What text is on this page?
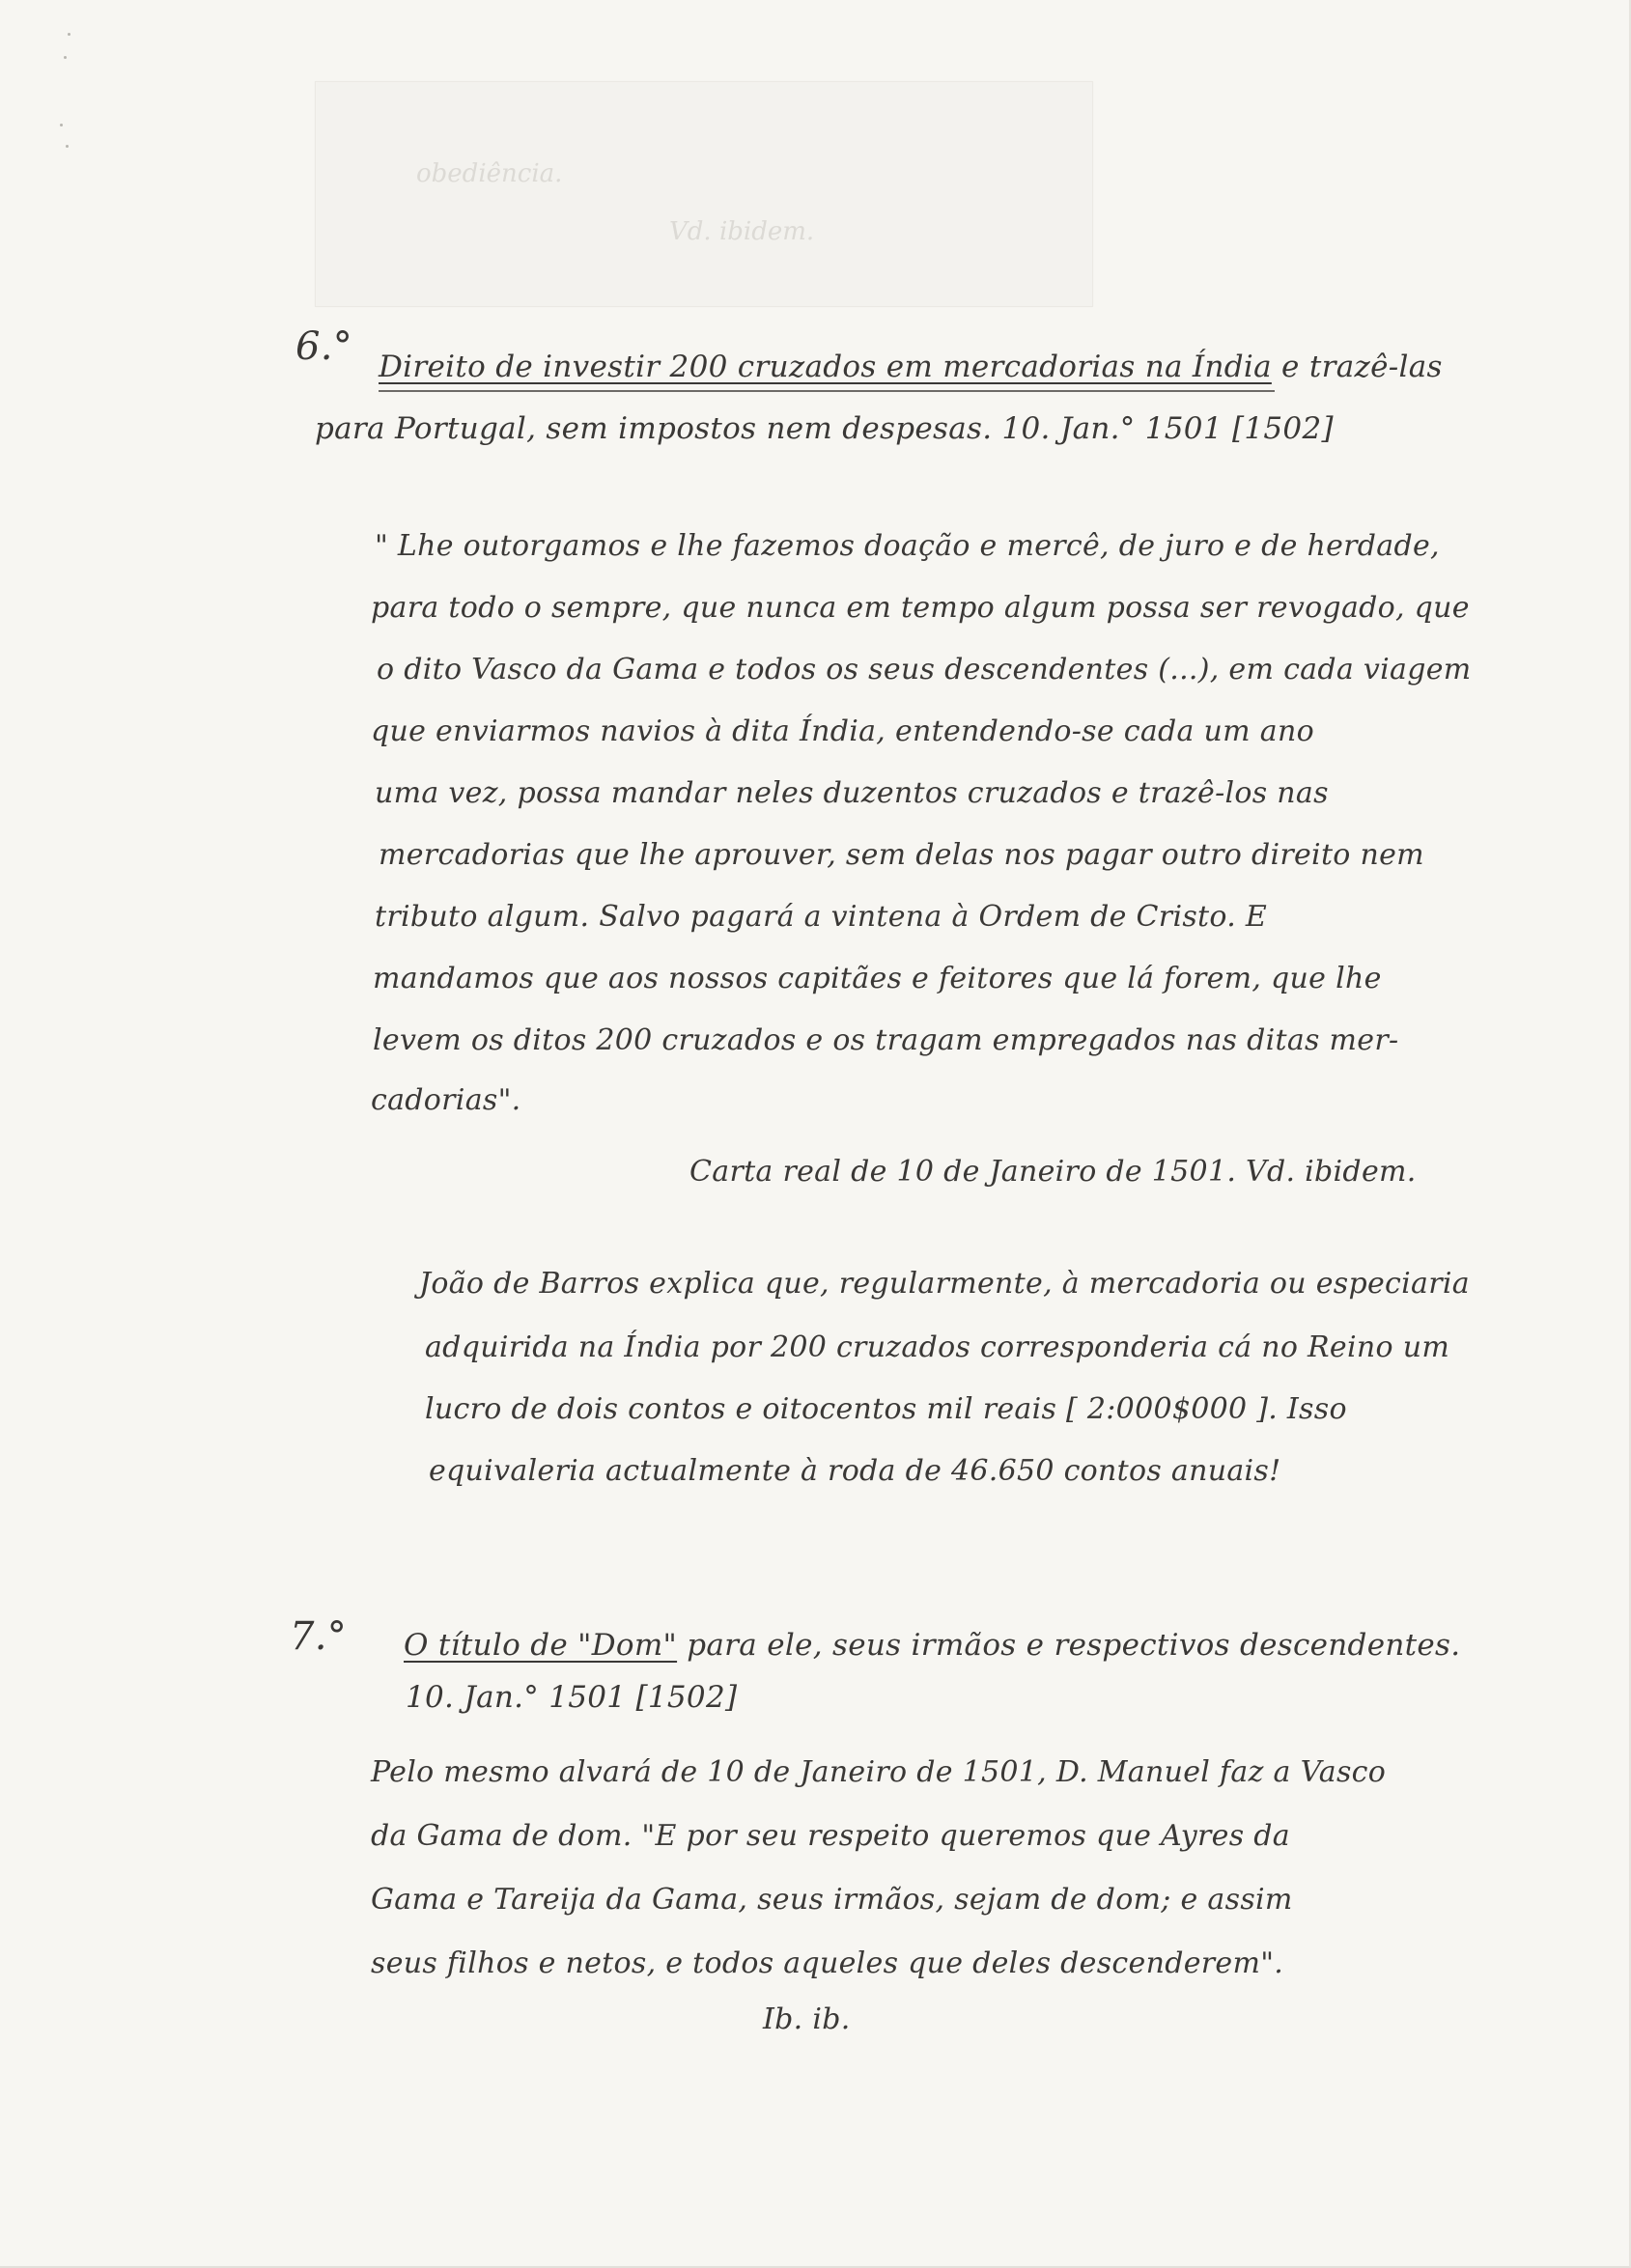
obediência.
Vd. ibidem.
6.° Direito de investir 200 cruzados em mercadorias na Índia e trazê-las
para Portugal, sem impostos nem despesas. 10. Jan.° 1501 [1502]
" Lhe outorgamos e lhe fazemos doação e mercê, de juro e de herdade,
para todo o sempre, que nunca em tempo algum possa ser revogado, que
o dito Vasco da Gama e todos os seus descendentes (...), em cada viagem
que enviarmos navios à dita Índia, entendendo-se cada um ano
uma vez, possa mandar neles duzentos cruzados e trazê-los nas
mercadorias que lhe aprouver, sem delas nos pagar outro direito nem
tributo algum. Salvo pagará a vintena à Ordem de Cristo. E
mandamos que aos nossos capitães e feitores que lá forem, que lhe
levem os ditos 200 cruzados e os tragam empregados nas ditas mer-
cadorias".
Carta real de 10 de Janeiro de 1501. Vd. ibidem.
João de Barros explica que, regularmente, à mercadoria ou especiaria
adquirida na Índia por 200 cruzados corresponderia cá no Reino um
lucro de dois contos e oitocentos mil reais [ 2:000$000 ]. Isso
equivaleria actualmente à roda de 46.650 contos anuais!
7.° O título de "Dom" para ele, seus irmãos e respectivos descendentes.
10. Jan.° 1501 [1502]
Pelo mesmo alvará de 10 de Janeiro de 1501, D. Manuel faz a Vasco
da Gama de dom. "E por seu respeito queremos que Ayres da
Gama e Tareija da Gama, seus irmãos, sejam de dom; e assim
seus filhos e netos, e todos aqueles que deles descenderem".
Ib. ib.
